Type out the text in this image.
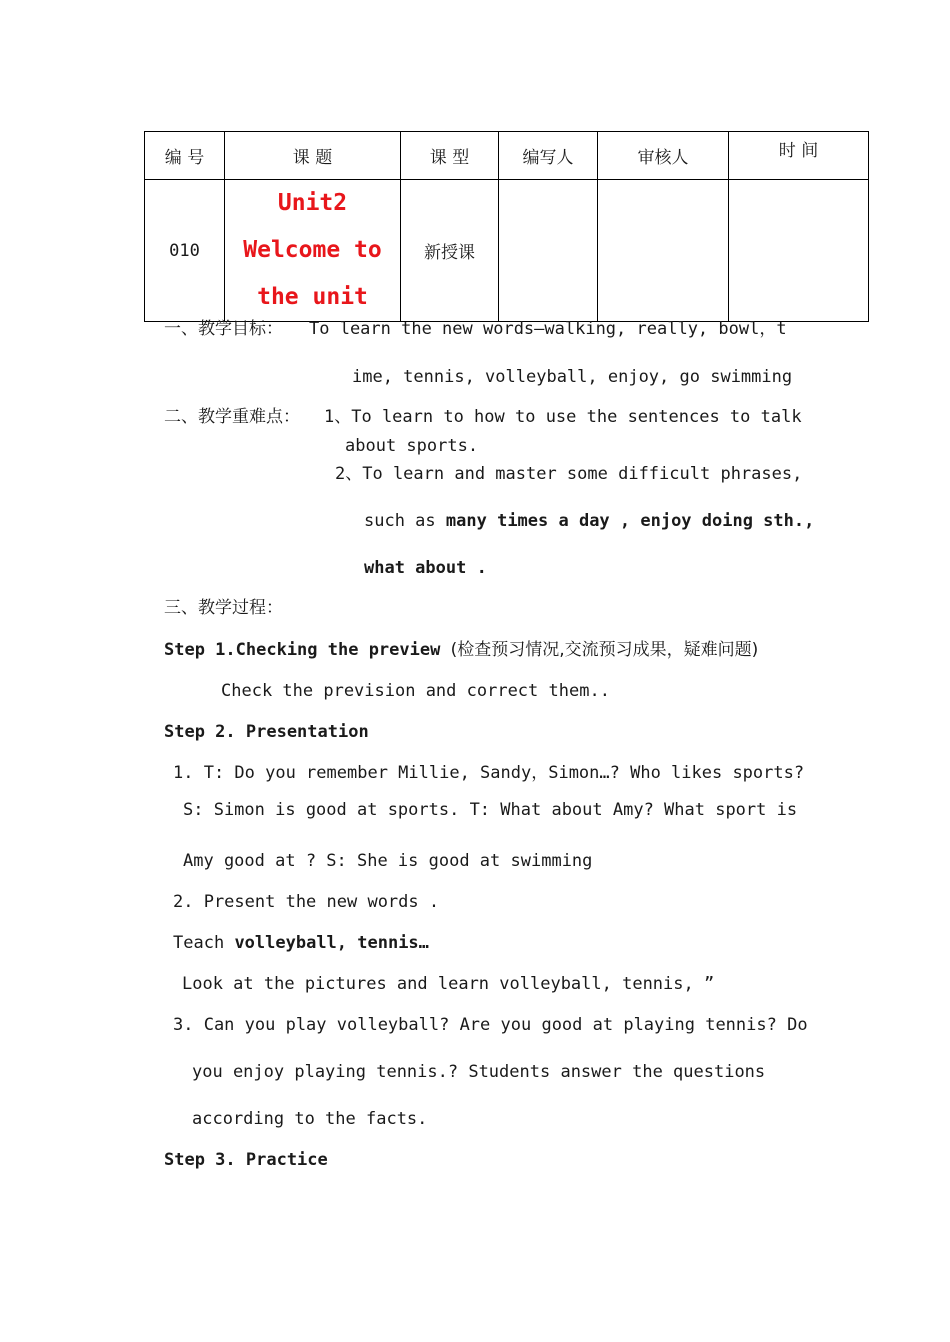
编 号	课 题	课 型	编写人	审核人	时 间
010	Unit2
Welcome to
the unit	新授课			
一、教学目标： To learn the new words—walking, really, bowl，t
ime, tennis, volleyball, enjoy, go swimming
二、教学重难点： 1、To learn to how to use the sentences to talk
about sports.
2、To learn and master some difficult phrases,
such as many times a day , enjoy doing sth.,
what about .
三、教学过程：
Step 1.Checking the preview (检查预习情况,交流预习成果，疑难问题)
Check the prevision and correct them..
Step 2. Presentation
1. T: Do you remember Millie, Sandy，Simon…? Who likes sports?
S: Simon is good at sports. T: What about Amy? What sport is
Amy good at ? S: She is good at swimming
2. Present the new words .
Teach volleyball, tennis…
Look at the pictures and learn volleyball, tennis, ”
3. Can you play volleyball? Are you good at playing tennis? Do
you enjoy playing tennis.? Students answer the questions
according to the facts.
Step 3. Practice
